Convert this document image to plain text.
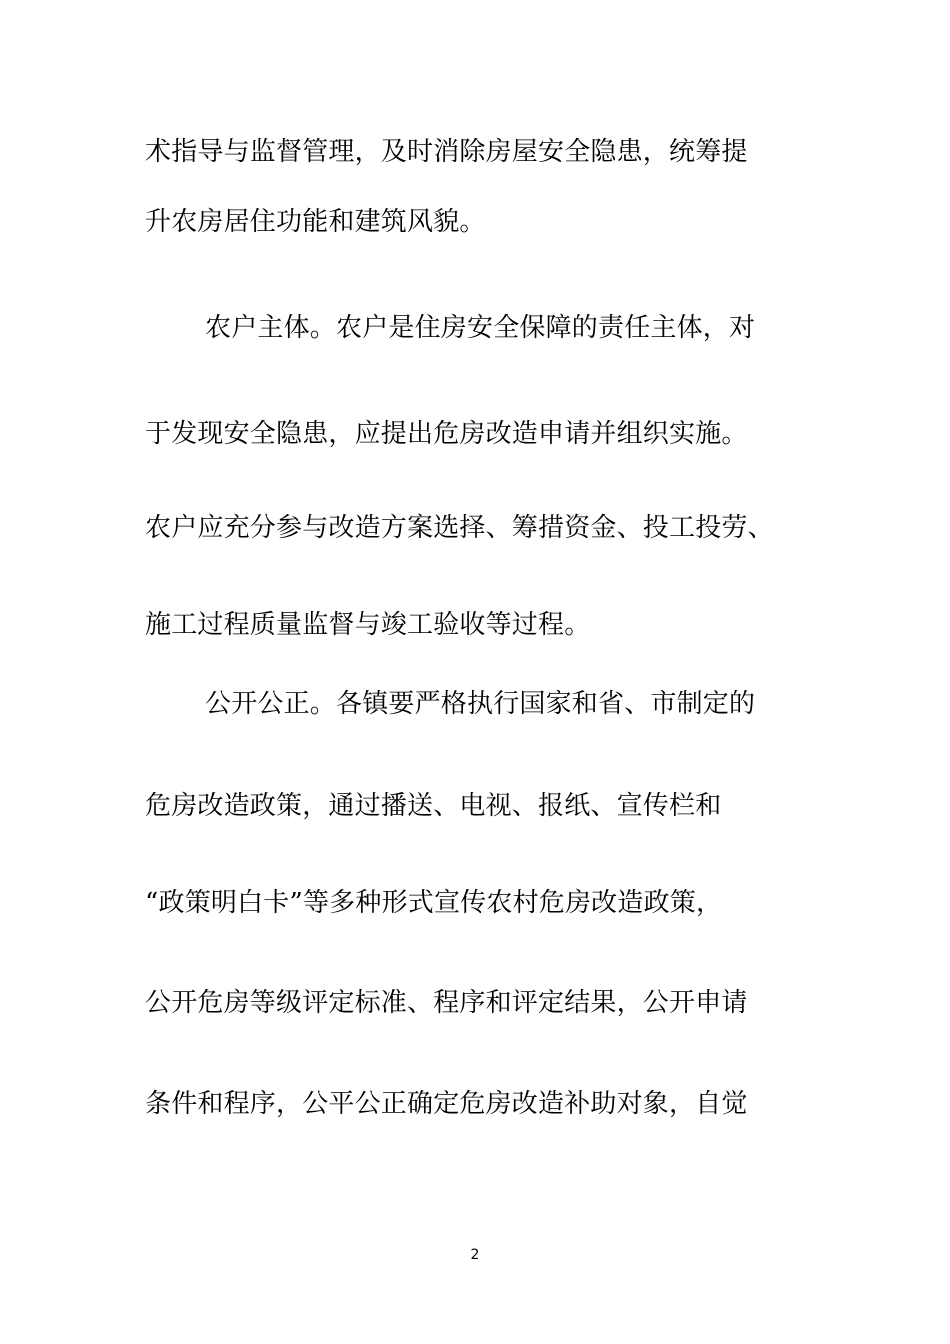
术指导与监督管理，及时消除房屋安全隐患，统筹提
升农房居住功能和建筑风貌。
农户主体。农户是住房安全保障的责任主体，对
于发现安全隐患，应提出危房改造申请并组织实施。
农户应充分参与改造方案选择、筹措资金、投工投劳、
施工过程质量监督与竣工验收等过程。
公开公正。各镇要严格执行国家和省、市制定的
危房改造政策，通过播送、电视、报纸、宣传栏和
“政策明白卡”等多种形式宣传农村危房改造政策，
公开危房等级评定标准、程序和评定结果，公开申请
条件和程序，公平公正确定危房改造补助对象，自觉
2
